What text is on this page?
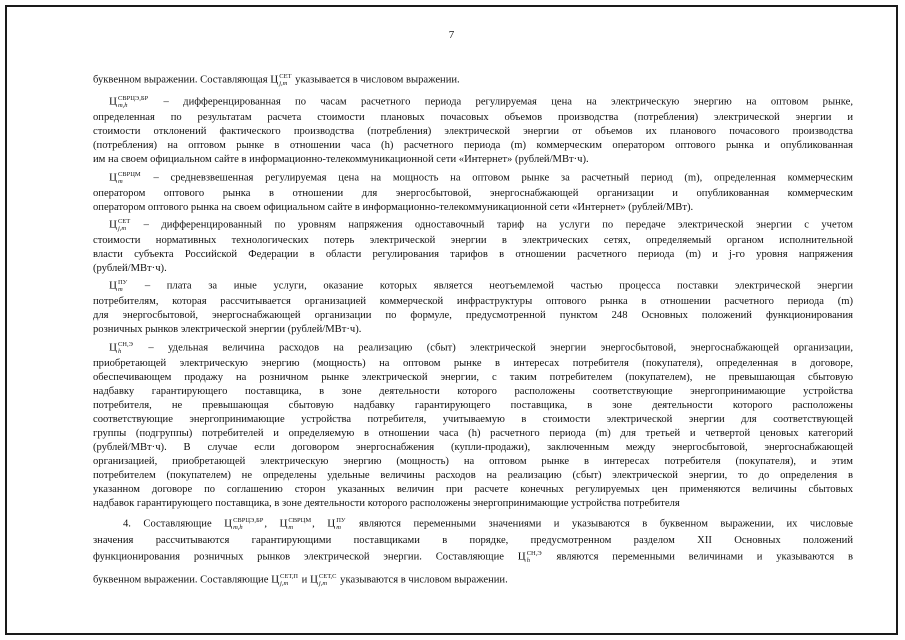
7

буквенном выражении. Составляющая Ц СЕТ
j,m указывается в числовом выражении.

Ц СВРЦЭ,БР
m,h	– дифференцированная по часам расчетного периода регулируемая цена на электрическую энергию на оптовом рынке,

определенная по результатам расчета стоимости плановых почасовых объемов производства (потребления) электрической энергии и

стоимости отклонений фактического производства (потребления) электрической энергии от объемов их планового почасового производства

(потребления) на оптовом рынке в отношении часа (h) расчетного периода (m) коммерческим оператором оптового рынка и опубликованная

им на своем официальном сайте в информационно-телекоммуникационной сети «Интернет» (рублей/МВт·ч).

Ц СВРЦМ
m	– средневзвешенная регулируемая цена на мощность на оптовом рынке за расчетный период (m), определенная коммерческим

оператором оптового рынка в отношении для энергосбытовой, энергоснабжающей организации и опубликованная коммерческим

оператором оптового рынка на своем официальном сайте в информационно-телекоммуникационной сети «Интернет» (рублей/МВт).

Ц СЕТ
j,m	– дифференцированный по уровням напряжения одноставочный тариф на услуги по передаче электрической энергии с учетом

стоимости нормативных технологических потерь электрической энергии в электрических сетях, определяемый органом исполнительной

власти субъекта Российской Федерации в области регулирования тарифов в отношении расчетного периода (m) и j-го уровня напряжения

(рублей/МВт·ч).

Ц ПУ
m	– плата за иные услуги, оказание которых является неотъемлемой частью процесса поставки электрической энергии

потребителям, которая рассчитывается организацией коммерческой инфраструктуры оптового рынка в отношении расчетного периода (m)

для энергосбытовой, энергоснабжающей организации по формуле, предусмотренной пунктом 248 Основных положений функционирования

розничных рынков электрической энергии (рублей/МВт·ч).

Ц СН,Э
h	– удельная величина расходов на реализацию (сбыт) электрической энергии энергосбытовой, энергоснабжающей организации,

приобретающей электрическую энергию (мощность) на оптовом рынке в интересах потребителя (покупателя), определенная в договоре,

обеспечивающем продажу на розничном рынке электрической энергии, с таким потребителем (покупателем), не превышающая сбытовую

надбавку гарантирующего поставщика, в зоне деятельности которого расположены соответствующие энергопринимающие устройства

потребителя, не превышающая сбытовую надбавку гарантирующего поставщика, в зоне деятельности которого расположены

соответствующие энергопринимающие устройства потребителя, учитываемую в стоимости электрической энергии для соответствующей

группы (подгруппы) потребителей и определяемую в отношении часа (h) расчетного периода (m) для третьей и четвертой ценовых категорий

(рублей/МВт·ч). В случае если договором энергоснабжения (купли-продажи), заключенным между энергосбытовой, энергоснабжающей

организацией, приобретающей электрическую энергию (мощность) на оптовом рынке в интересах потребителя (покупателя), и этим

потребителем (покупателем) не определены удельные величины расходов на реализацию (сбыт) электрической энергии, то до определения в

указанном договоре по соглашению сторон указанных величин при расчете конечных регулируемых цен применяются величины сбытовых

надбавок гарантирующего поставщика, в зоне деятельности которого расположены энергопринимающие устройства потребителя

4. Составляющие Ц СВРЦЭ,БР
m,h	, Ц СВРЦМ
m	, Ц ПУ
m	являются переменными значениями и указываются в буквенном выражении, их числовые

значения рассчитываются гарантирующими поставщиками в порядке, предусмотренном разделом XII Основных положений

функционирования розничных рынков электрической энергии. Составляющие Ц СН,Э
h	являются переменными величинами и указываются в

буквенном выражении. Составляющие Ц СЕТ,П
j,m	и Ц СЕТ,С
j,m	указываются в числовом выражении.
